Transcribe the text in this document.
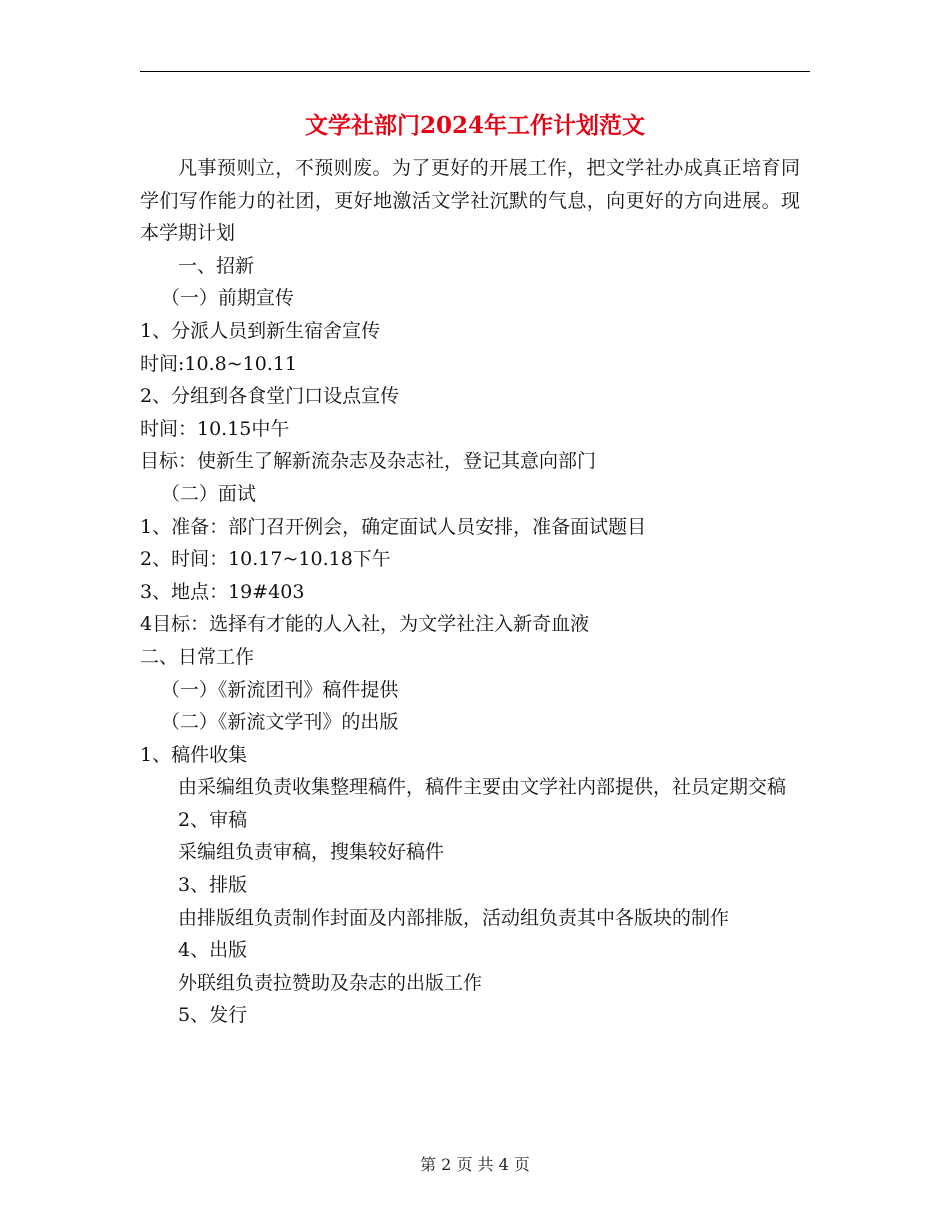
文学社部门2024年工作计划范文

凡事预则立，不预则废。为了更好的开展工作，把文学社办成真正培育同学们写作能力的社团，更好地激活文学社沉默的气息，向更好的方向进展。现本学期计划

一、招新

（一）前期宣传

1、分派人员到新生宿舍宣传

时间:10.8~10.11

2、分组到各食堂门口设点宣传

时间：10.15中午

目标：使新生了解新流杂志及杂志社，登记其意向部门

（二）面试

1、准备：部门召开例会，确定面试人员安排，准备面试题目

2、时间：10.17~10.18下午

3、地点：19#403

4目标：选择有才能的人入社，为文学社注入新奇血液

二、日常工作

（一）《新流团刊》稿件提供

（二）《新流文学刊》的出版

1、稿件收集

由采编组负责收集整理稿件，稿件主要由文学社内部提供，社员定期交稿

2、审稿

采编组负责审稿，搜集较好稿件

3、排版

由排版组负责制作封面及内部排版，活动组负责其中各版块的制作

4、出版

外联组负责拉赞助及杂志的出版工作

5、发行

第 2 页 共 4 页
